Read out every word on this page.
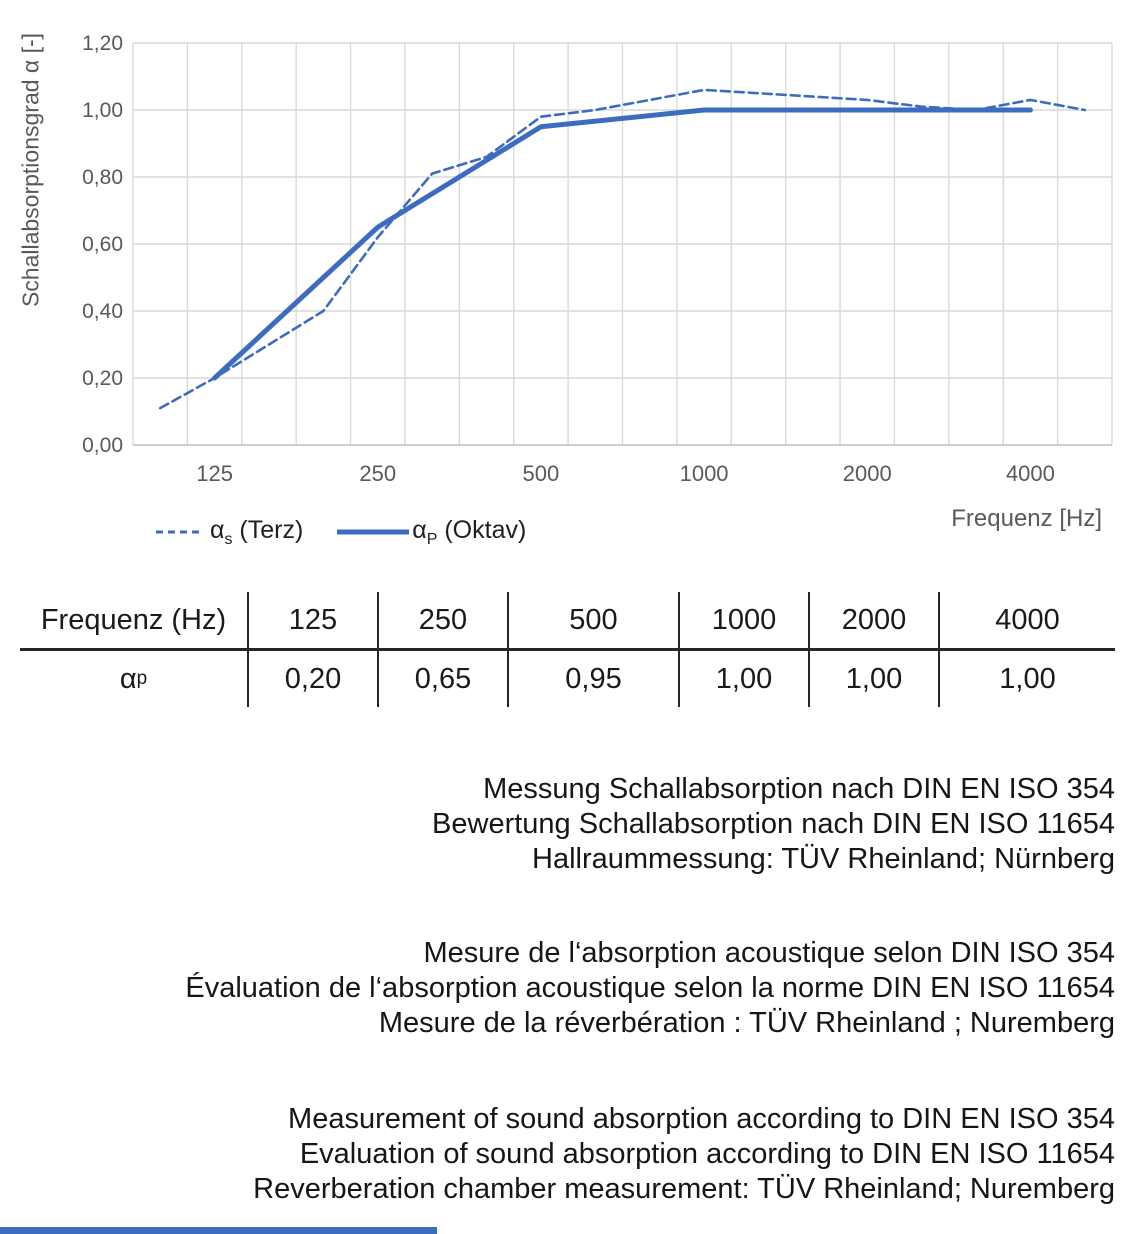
0,00
0,20
0,40
0,60
0,80
1,00
1,20
125	250	500	1000	2000	4000
Schallabsorptionsgrad α [-]
Frequenz [Hz]
$\alpha_s$ (Terz)	$\alpha_P$ (Oktav)
Frequenz (Hz)	125	250	500	1000	2000	4000
α p	0,20	0,65	0,95	1,00	1,00	1,00
Messung Schallabsorption nach DIN EN ISO 354
Bewertung Schallabsorption nach DIN EN ISO 11654
Hallraummessung: TÜV Rheinland; Nürnberg
Mesure de l‘absorption acoustique selon DIN ISO 354
Évaluation de l‘absorption acoustique selon la norme DIN EN ISO 11654
Mesure de la réverbération : TÜV Rheinland ; Nuremberg
Measurement of sound absorption according to DIN EN ISO 354
Evaluation of sound absorption according to DIN EN ISO 11654
Reverberation chamber measurement: TÜV Rheinland; Nuremberg
